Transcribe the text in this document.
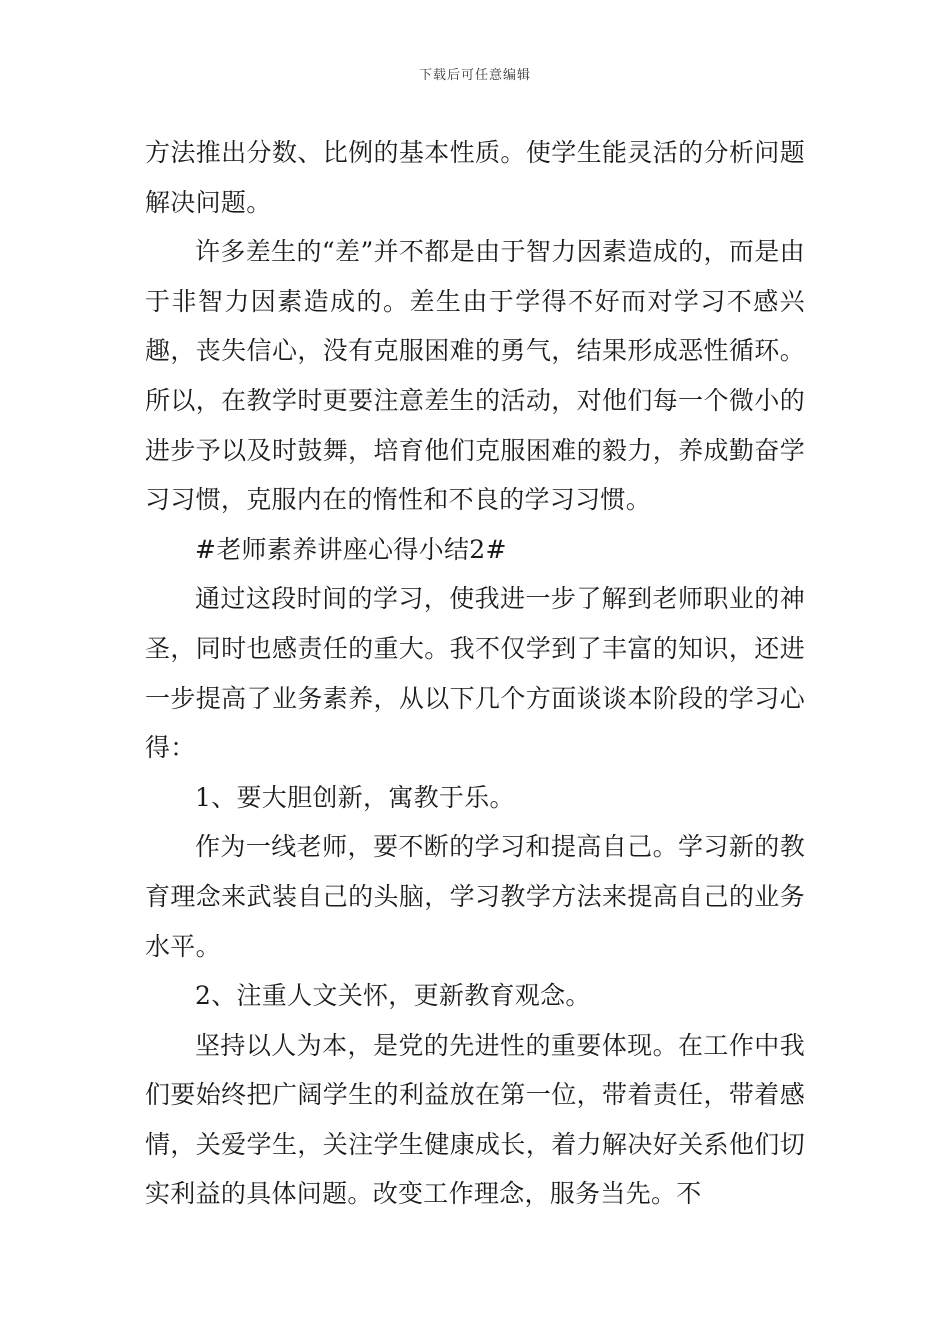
下载后可任意编辑

方法推出分数、比例的基本性质。使学生能灵活的分析问题解决问题。

许多差生的“差”并不都是由于智力因素造成的，而是由于非智力因素造成的。差生由于学得不好而对学习不感兴趣，丧失信心，没有克服困难的勇气，结果形成恶性循环。所以，在教学时更要注意差生的活动，对他们每一个微小的进步予以及时鼓舞，培育他们克服困难的毅力，养成勤奋学习习惯，克服内在的惰性和不良的学习习惯。

#老师素养讲座心得小结2#

通过这段时间的学习，使我进一步了解到老师职业的神圣，同时也感责任的重大。我不仅学到了丰富的知识，还进一步提高了业务素养，从以下几个方面谈谈本阶段的学习心得：

1、要大胆创新，寓教于乐。

作为一线老师，要不断的学习和提高自己。学习新的教育理念来武装自己的头脑，学习教学方法来提高自己的业务水平。

2、注重人文关怀，更新教育观念。

坚持以人为本，是党的先进性的重要体现。在工作中我们要始终把广阔学生的利益放在第一位，带着责任，带着感情，关爱学生，关注学生健康成长，着力解决好关系他们切实利益的具体问题。改变工作理念，服务当先。不
